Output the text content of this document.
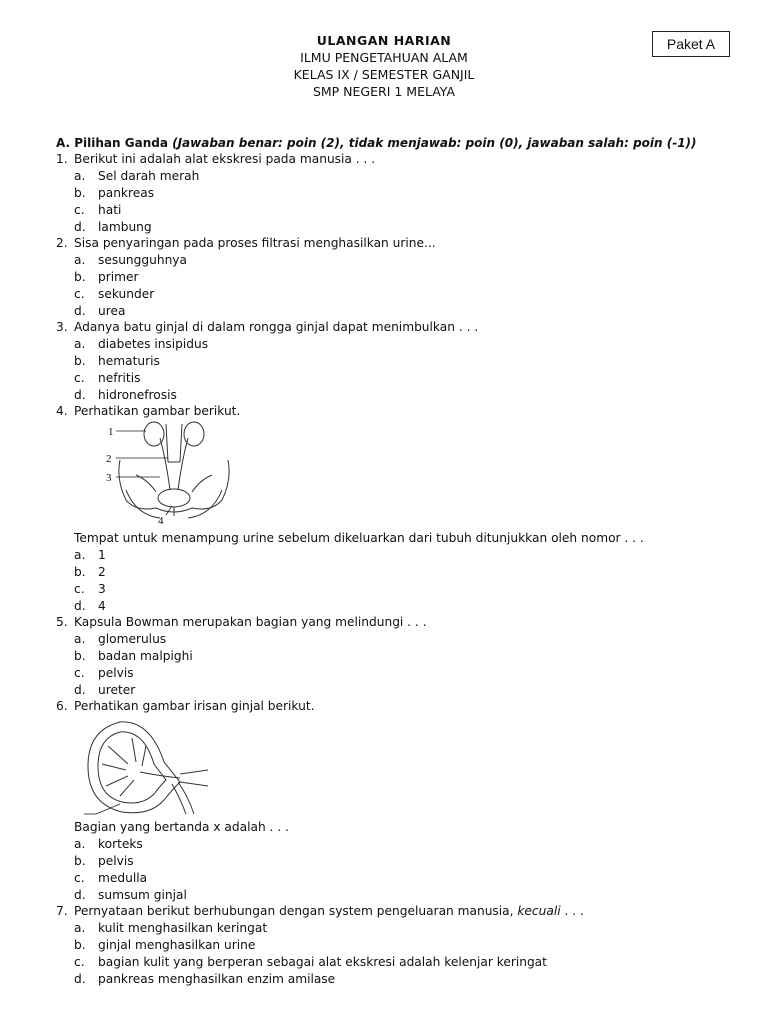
Paket A
ULANGAN HARIAN
ILMU PENGETAHUAN ALAM
KELAS IX / SEMESTER GANJIL
SMP NEGERI 1 MELAYA
A. Pilihan Ganda (Jawaban benar: poin (2), tidak menjawab: poin (0), jawaban salah: poin (-1))
1. Berikut ini adalah alat ekskresi pada manusia . . .
a. Sel darah merah
b. pankreas
c. hati
d. lambung
2. Sisa penyaringan pada proses filtrasi menghasilkan urine...
a. sesungguhnya
b. primer
c. sekunder
d. urea
3. Adanya batu ginjal di dalam rongga ginjal dapat menimbulkan . . .
a. diabetes insipidus
b. hematuris
c. nefritis
d. hidronefrosis
4. Perhatikan gambar berikut.
1
2
3
4
Tempat untuk menampung urine sebelum dikeluarkan dari tubuh ditunjukkan oleh nomor . . .
a. 1
b. 2
c. 3
d. 4
5. Kapsula Bowman merupakan bagian yang melindungi . . .
a. glomerulus
b. badan malpighi
c. pelvis
d. ureter
6. Perhatikan gambar irisan ginjal berikut.
Bagian yang bertanda x adalah . . .
a. korteks
b. pelvis
c. medulla
d. sumsum ginjal
7. Pernyataan berikut berhubungan dengan system pengeluaran manusia, kecuali . . .
a. kulit menghasilkan keringat
b. ginjal menghasilkan urine
c. bagian kulit yang berperan sebagai alat ekskresi adalah kelenjar keringat
d. pankreas menghasilkan enzim amilase
